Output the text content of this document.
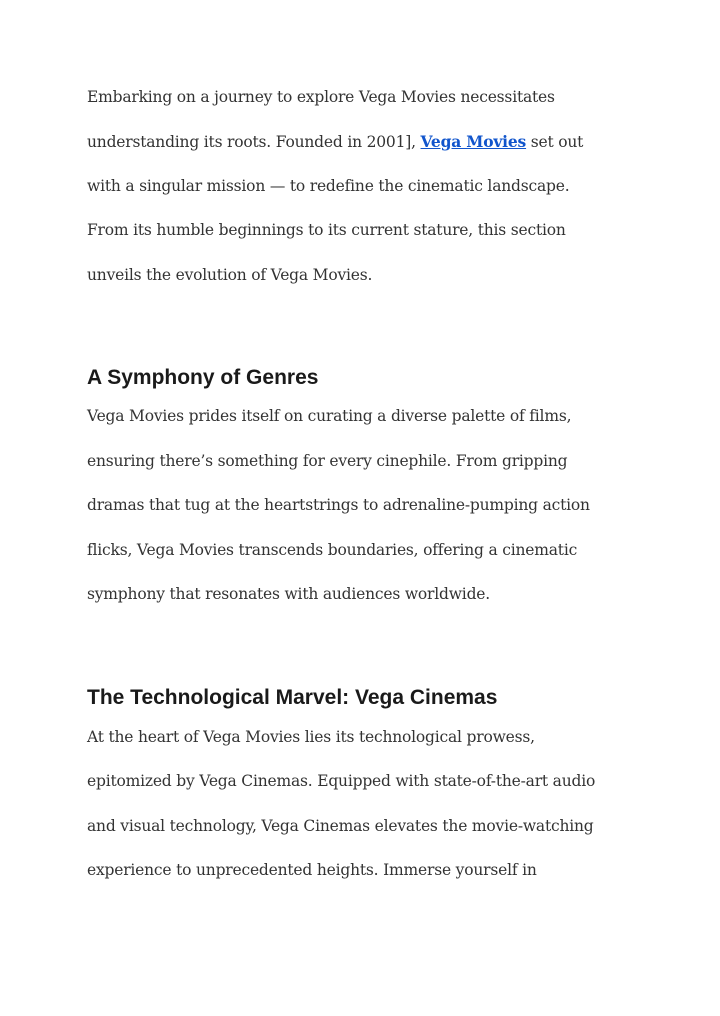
Embarking on a journey to explore Vega Movies necessitates
understanding its roots. Founded in 2001], Vega Movies set out
with a singular mission — to redefine the cinematic landscape.
From its humble beginnings to its current stature, this section
unveils the evolution of Vega Movies.
A Symphony of Genres
Vega Movies prides itself on curating a diverse palette of films,
ensuring there’s something for every cinephile. From gripping
dramas that tug at the heartstrings to adrenaline-pumping action
flicks, Vega Movies transcends boundaries, offering a cinematic
symphony that resonates with audiences worldwide.
The Technological Marvel: Vega Cinemas
At the heart of Vega Movies lies its technological prowess,
epitomized by Vega Cinemas. Equipped with state-of-the-art audio
and visual technology, Vega Cinemas elevates the movie-watching
experience to unprecedented heights. Immerse yourself in
